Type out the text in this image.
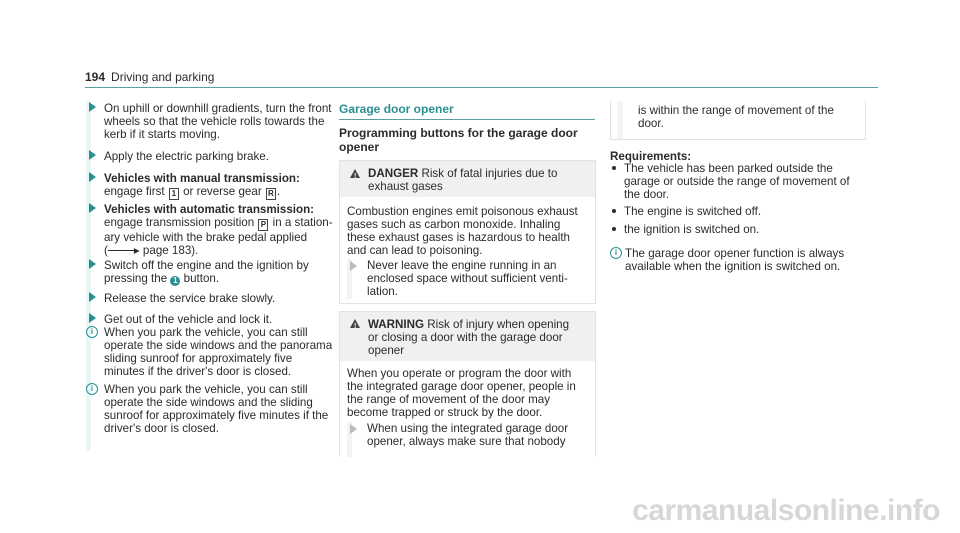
194 Driving and parking
On uphill or downhill gradients, turn the front
wheels so that the vehicle rolls towards the
kerb if it starts moving.
Apply the electric parking brake.
Vehicles with manual transmission:
engage first 1 or reverse gear R .
Vehicles with automatic transmission:
engage transmission position P in a station-
ary vehicle with the brake pedal applied
( ▸ page 183).
Switch off the engine and the ignition by
pressing the 1 button.
Release the service brake slowly.
Get out of the vehicle and lock it.
i When you park the vehicle, you can still
operate the side windows and the panorama
sliding sunroof for approximately five
minutes if the driver's door is closed.
i When you park the vehicle, you can still
operate the side windows and the sliding
sunroof for approximately five minutes if the
driver's door is closed.
Garage door opener
Programming buttons for the garage door
opener
! DANGER Risk of fatal injuries due to
exhaust gases
Combustion engines emit poisonous exhaust
gases such as carbon monoxide. Inhaling
these exhaust gases is hazardous to health
and can lead to poisoning.
Never leave the engine running in an
enclosed space without sufficient venti-
lation.
! WARNING Risk of injury when opening
or closing a door with the garage door
opener
When you operate or program the door with
the integrated garage door opener, people in
the range of movement of the door may
become trapped or struck by the door.
When using the integrated garage door
opener, always make sure that nobody
is within the range of movement of the
door.
Requirements:
The vehicle has been parked outside the
garage or outside the range of movement of
the door.
The engine is switched off.
the ignition is switched on.
i The garage door opener function is always
available when the ignition is switched on.
carmanualsonline.info
